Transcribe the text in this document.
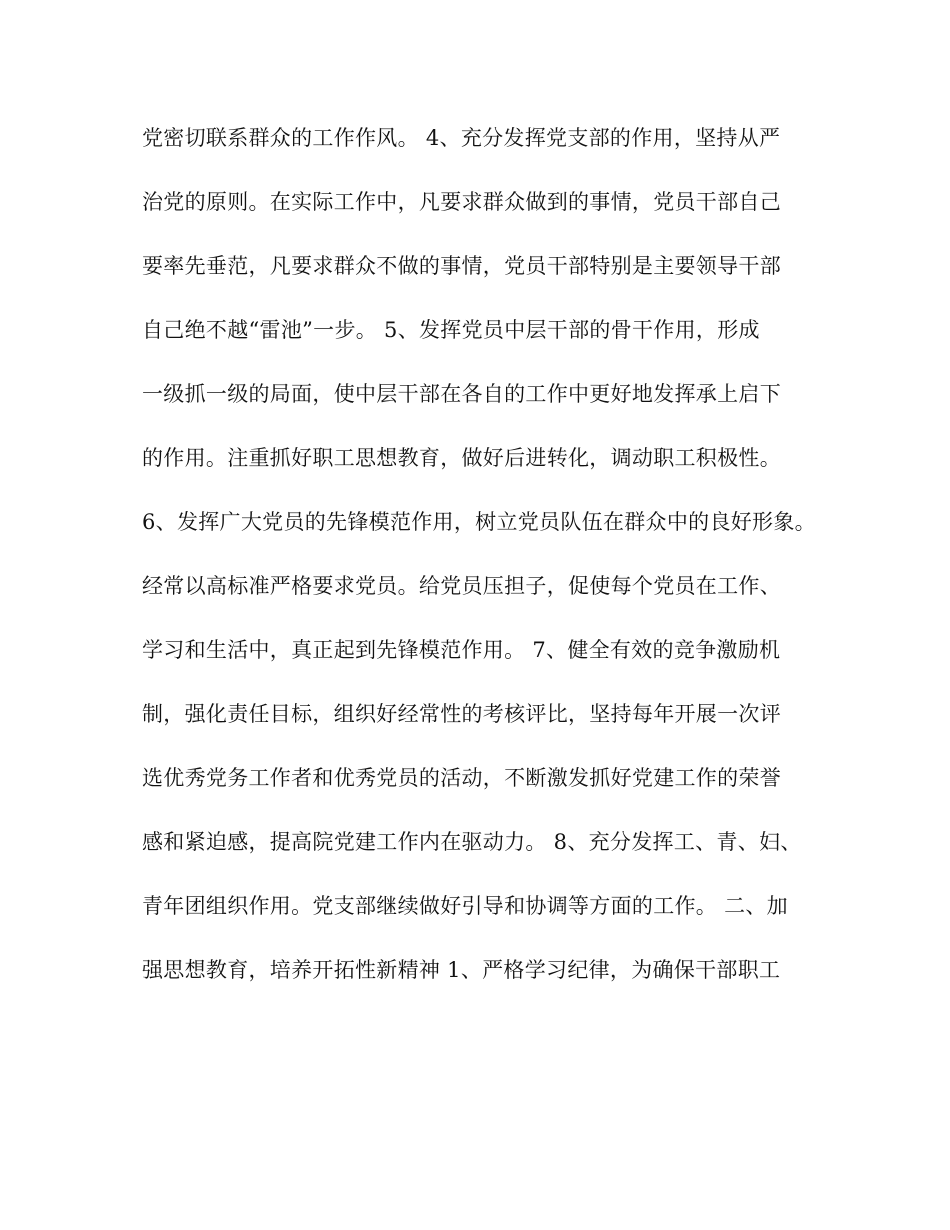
党密切联系群众的工作作风。 4、充分发挥党支部的作用，坚持从严
治党的原则。在实际工作中，凡要求群众做到的事情，党员干部自己
要率先垂范，凡要求群众不做的事情，党员干部特别是主要领导干部
自己绝不越“雷池”一步。 5、发挥党员中层干部的骨干作用，形成
一级抓一级的局面，使中层干部在各自的工作中更好地发挥承上启下
的作用。注重抓好职工思想教育，做好后进转化，调动职工积极性。
6、发挥广大党员的先锋模范作用，树立党员队伍在群众中的良好形象。
经常以高标准严格要求党员。给党员压担子，促使每个党员在工作、
学习和生活中，真正起到先锋模范作用。 7、健全有效的竞争激励机
制，强化责任目标，组织好经常性的考核评比，坚持每年开展一次评
选优秀党务工作者和优秀党员的活动，不断激发抓好党建工作的荣誉
感和紧迫感，提高院党建工作内在驱动力。 8、充分发挥工、青、妇、
青年团组织作用。党支部继续做好引导和协调等方面的工作。 二、加
强思想教育，培养开拓性新精神 1、严格学习纪律，为确保干部职工
